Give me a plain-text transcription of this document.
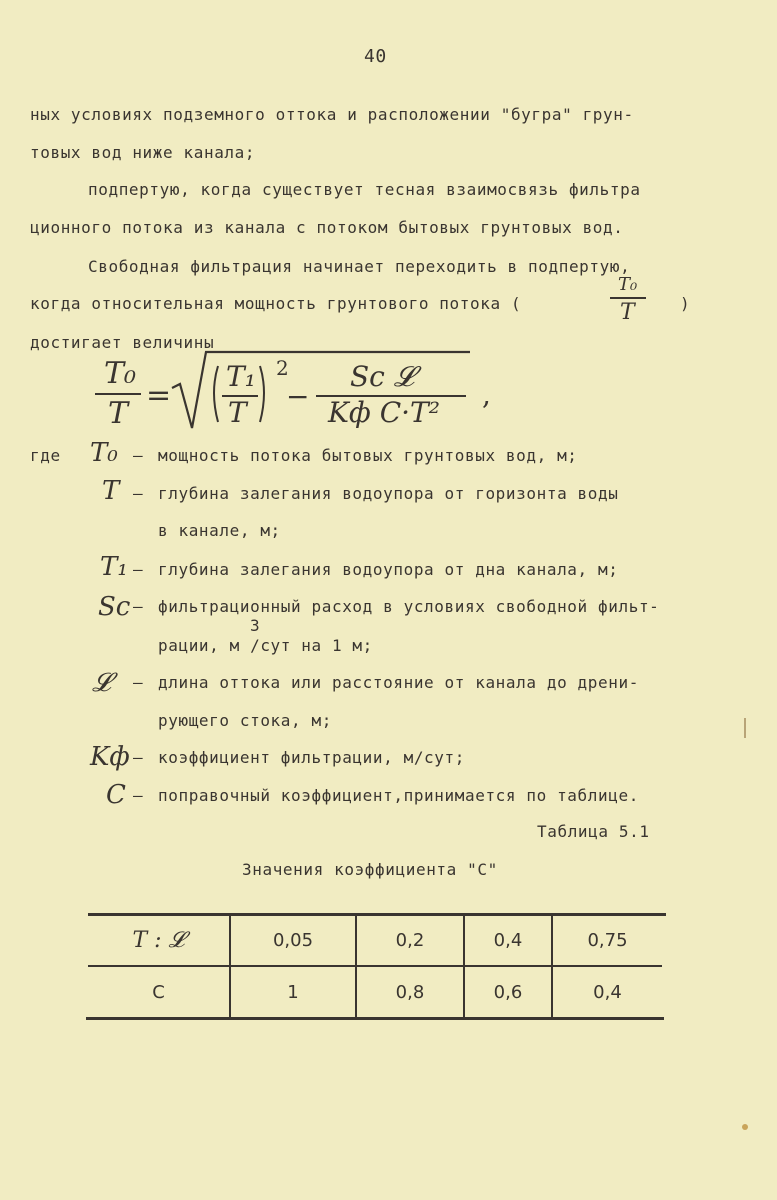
40
ных условиях подземного оттока и расположении "бугра" грун-
товых вод ниже канала;
подпертую, когда существует тесная взаимосвязь фильтра
ционного потока из канала с потоком бытовых грунтовых вод.
Свободная фильтрация начинает переходить в подпертую,
когда относительная мощность грунтового потока (
T₀
T	)
достигает величины
T₀
T
=
T₁
T
2
−
Sc 𝓛
Kф C·T²
,
где T₀ – мощность потока бытовых грунтовых вод, м;
T – глубина залегания водоупора от горизонта воды
в канале, м;
T₁ – глубина залегания водоупора от дна канала, м;
Sc – фильтрационный расход в условиях свободной фильт-
рации, м /сут на 1 м;
3
𝓛 – длина оттока или расстояние от канала до дрени-
рующего стока, м;
Kф – коэффициент фильтрации, м/сут;
C – поправочный коэффициент,принимается по таблице.
Таблица 5.1
Значения коэффициента "С"
T : 𝓛	0,05	0,2	0,4	0,75
C	1	0,8	0,6	0,4
